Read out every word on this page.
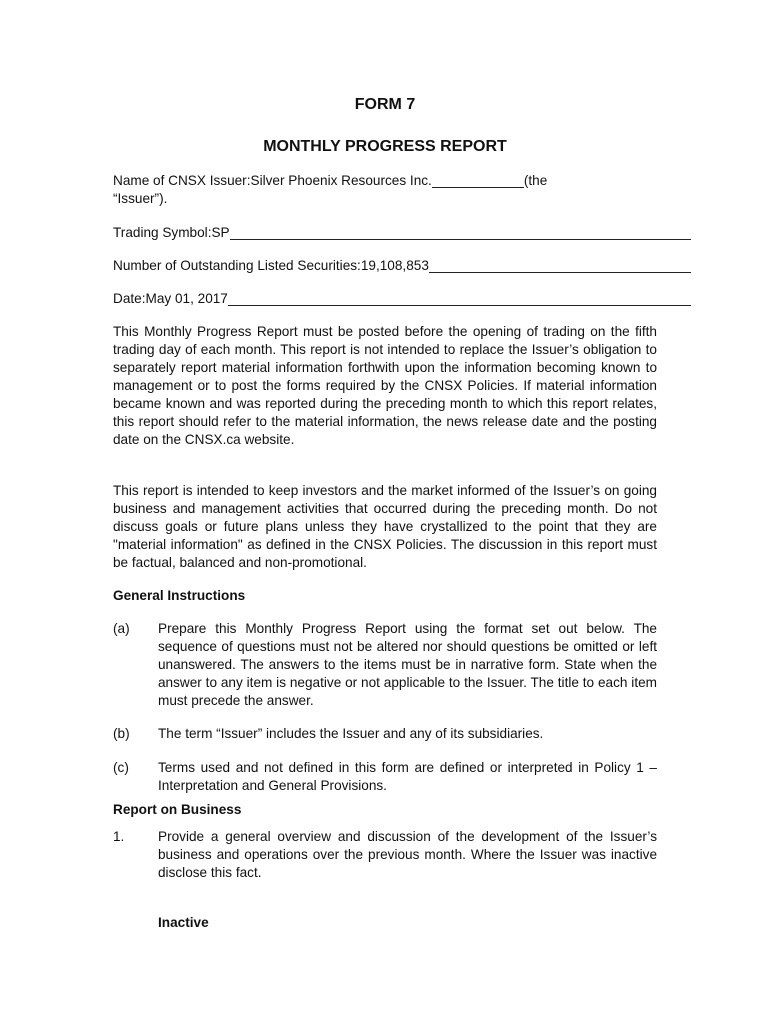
FORM 7
MONTHLY PROGRESS REPORT
Name of CNSX Issuer: Silver Phoenix Resources Inc.	(the
“Issuer”).
Trading Symbol: SP
Number of Outstanding Listed Securities: 19,108,853
Date: May 01, 2017

This Monthly Progress Report must be posted before the opening of trading on the fifth trading day of each month. This report is not intended to replace the Issuer’s obligation to separately report material information forthwith upon the information becoming known to management or to post the forms required by the CNSX Policies. If material information became known and was reported during the preceding month to which this report relates, this report should refer to the material information, the news release date and the posting date on the CNSX.ca website.

This report is intended to keep investors and the market informed of the Issuer’s on going business and management activities that occurred during the preceding month. Do not discuss goals or future plans unless they have crystallized to the point that they are "material information" as defined in the CNSX Policies. The discussion in this report must be factual, balanced and non-promotional.

General Instructions

(a) Prepare this Monthly Progress Report using the format set out below. The sequence of questions must not be altered nor should questions be omitted or left unanswered. The answers to the items must be in narrative form. State when the answer to any item is negative or not applicable to the Issuer. The title to each item must precede the answer.
(b) The term “Issuer” includes the Issuer and any of its subsidiaries.
(c) Terms used and not defined in this form are defined or interpreted in Policy 1 – Interpretation and General Provisions.

Report on Business

1. Provide a general overview and discussion of the development of the Issuer’s business and operations over the previous month. Where the Issuer was inactive disclose this fact.

Inactive
